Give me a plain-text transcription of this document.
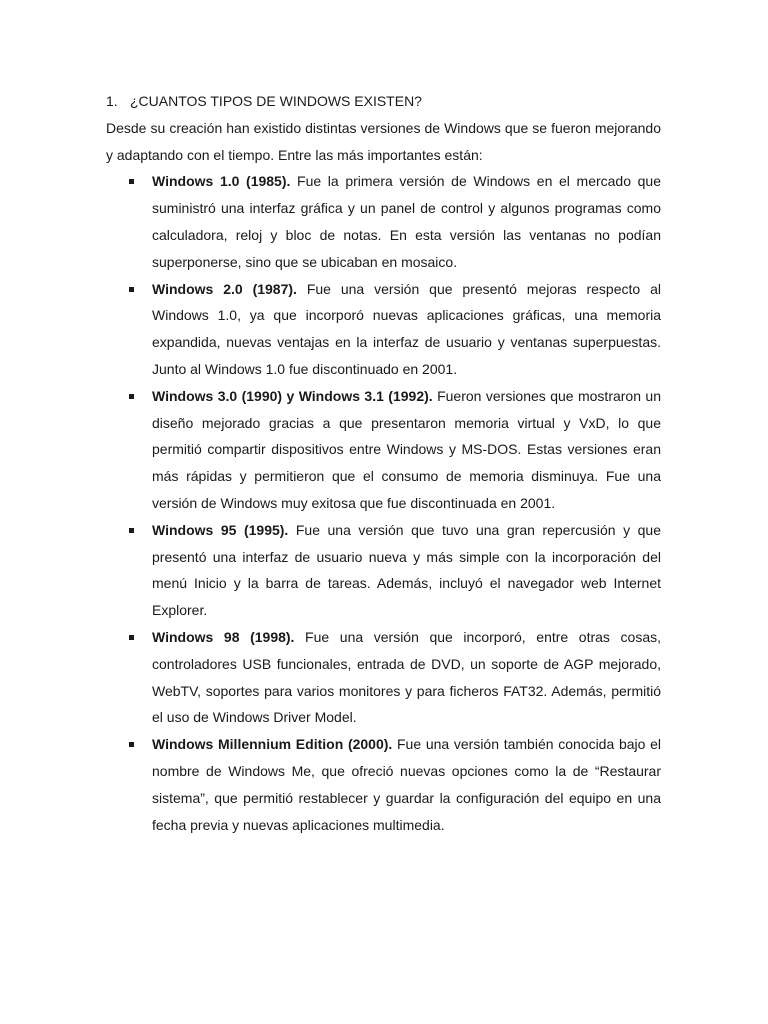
1. ¿CUANTOS TIPOS DE WINDOWS EXISTEN?

Desde su creación han existido distintas versiones de Windows que se fueron mejorando y adaptando con el tiempo. Entre las más importantes están:

Windows 1.0 (1985). Fue la primera versión de Windows en el mercado que suministró una interfaz gráfica y un panel de control y algunos programas como calculadora, reloj y bloc de notas. En esta versión las ventanas no podían superponerse, sino que se ubicaban en mosaico.
Windows 2.0 (1987). Fue una versión que presentó mejoras respecto al Windows 1.0, ya que incorporó nuevas aplicaciones gráficas, una memoria expandida, nuevas ventajas en la interfaz de usuario y ventanas superpuestas. Junto al Windows 1.0 fue discontinuado en 2001.
Windows 3.0 (1990) y Windows 3.1 (1992). Fueron versiones que mostraron un diseño mejorado gracias a que presentaron memoria virtual y VxD, lo que permitió compartir dispositivos entre Windows y MS-DOS. Estas versiones eran más rápidas y permitieron que el consumo de memoria disminuya. Fue una versión de Windows muy exitosa que fue discontinuada en 2001.
Windows 95 (1995). Fue una versión que tuvo una gran repercusión y que presentó una interfaz de usuario nueva y más simple con la incorporación del menú Inicio y la barra de tareas. Además, incluyó el navegador web Internet Explorer.
Windows 98 (1998). Fue una versión que incorporó, entre otras cosas, controladores USB funcionales, entrada de DVD, un soporte de AGP mejorado, WebTV, soportes para varios monitores y para ficheros FAT32. Además, permitió el uso de Windows Driver Model.
Windows Millennium Edition (2000). Fue una versión también conocida bajo el nombre de Windows Me, que ofreció nuevas opciones como la de “Restaurar sistema”, que permitió restablecer y guardar la configuración del equipo en una fecha previa y nuevas aplicaciones multimedia.
